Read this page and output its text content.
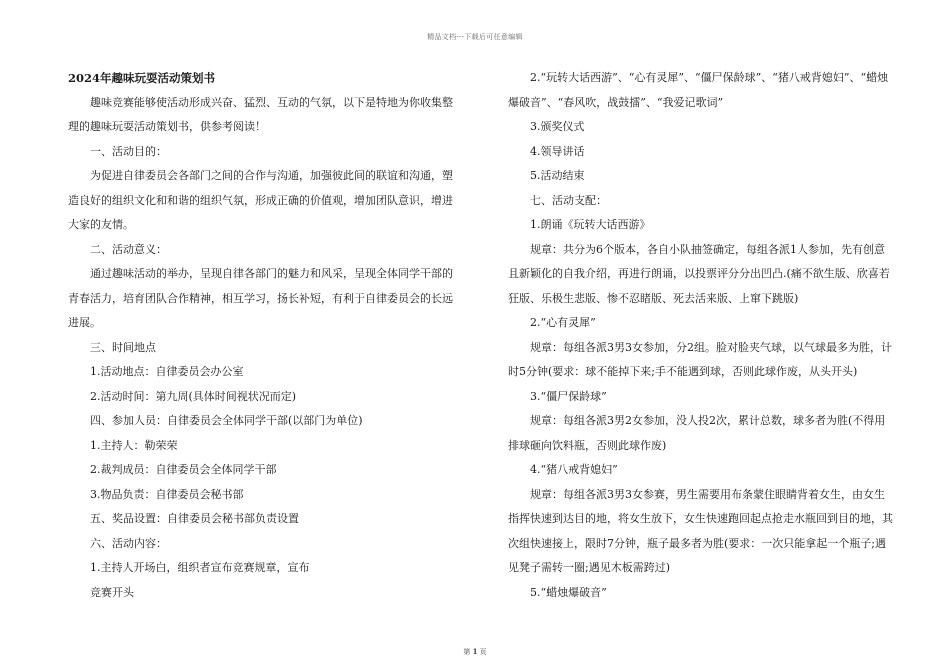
精品文档---下载后可任意编辑

2024年趣味玩耍活动策划书

趣味竞赛能够使活动形成兴奋、猛烈、互动的气氛，以下是特地为你收集整理的趣味玩耍活动策划书，供参考阅读！

一、活动目的：

为促进自律委员会各部门之间的合作与沟通，加强彼此间的联谊和沟通，塑造良好的组织文化和和谐的组织气氛，形成正确的价值观，增加团队意识，增进大家的友情。

二、活动意义：

通过趣味活动的举办，呈现自律各部门的魅力和风采，呈现全体同学干部的青春活力，培育团队合作精神，相互学习，扬长补短，有利于自律委员会的长远进展。

三、时间地点

1.活动地点：自律委员会办公室

2.活动时间：第九周(具体时间视状况而定)

四、参加人员：自律委员会全体同学干部(以部门为单位)

1.主持人：勒荣荣

2.裁判成员：自律委员会全体同学干部

3.物品负责：自律委员会秘书部

五、奖品设置：自律委员会秘书部负责设置

六、活动内容：

1.主持人开场白，组织者宣布竞赛规章，宣布

竞赛开头

2.“玩转大话西游”、“心有灵犀”、“僵尸保龄球”、“猪八戒背媳妇”、“蜡烛爆破音”、“春风吹，战鼓擂”、“我爱记歌词”

3.颁奖仪式

4.领导讲话

5.活动结束

七、活动支配：

1.朗诵《玩转大话西游》

规章：共分为6个版本，各自小队抽签确定，每组各派1人参加，先有创意且新颖化的自我介绍，再进行朗诵，以投票评分分出凹凸.(痛不欲生版、欣喜若狂版、乐极生悲版、惨不忍睹版、死去活来版、上窜下跳版)

2.“心有灵犀”

规章：每组各派3男3女参加，分2组。脸对脸夹气球，以气球最多为胜，计时5分钟(要求：球不能掉下来;手不能遇到球，否则此球作废，从头开头)

3.“僵尸保龄球”

规章：每组各派3男2女参加，没人投2次，累计总数，球多者为胜(不得用排球砸向饮料瓶，否则此球作废)

4.“猪八戒背媳妇”

规章：每组各派3男3女参赛，男生需要用布条蒙住眼睛背着女生，由女生指挥快速到达目的地，将女生放下，女生快速跑回起点抢走水瓶回到目的地，其次组快速接上，限时7分钟，瓶子最多者为胜(要求：一次只能拿起一个瓶子;遇见凳子需转一圈;遇见木板需跨过)

5.“蜡烛爆破音”

第 1 页
